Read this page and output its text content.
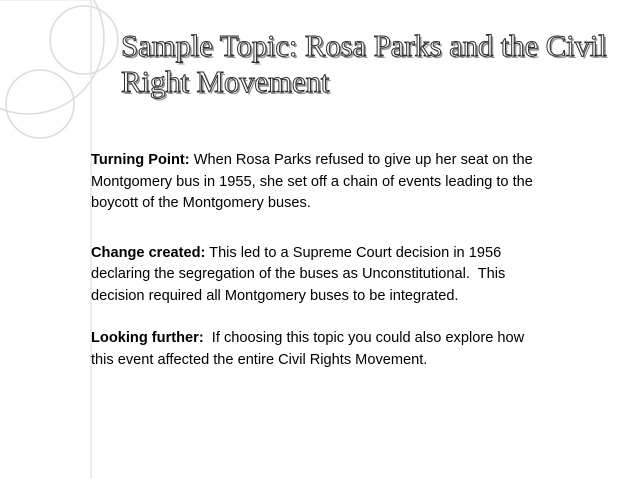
Sample Topic: Rosa Parks and the Civil
Right Movement

Turning Point: When Rosa Parks refused to give up her seat on the
Montgomery bus in 1955, she set off a chain of events leading to the
boycott of the Montgomery buses.

Change created: This led to a Supreme Court decision in 1956
declaring the segregation of the buses as Unconstitutional.  This
decision required all Montgomery buses to be integrated.

Looking further:  If choosing this topic you could also explore how
this event affected the entire Civil Rights Movement.
